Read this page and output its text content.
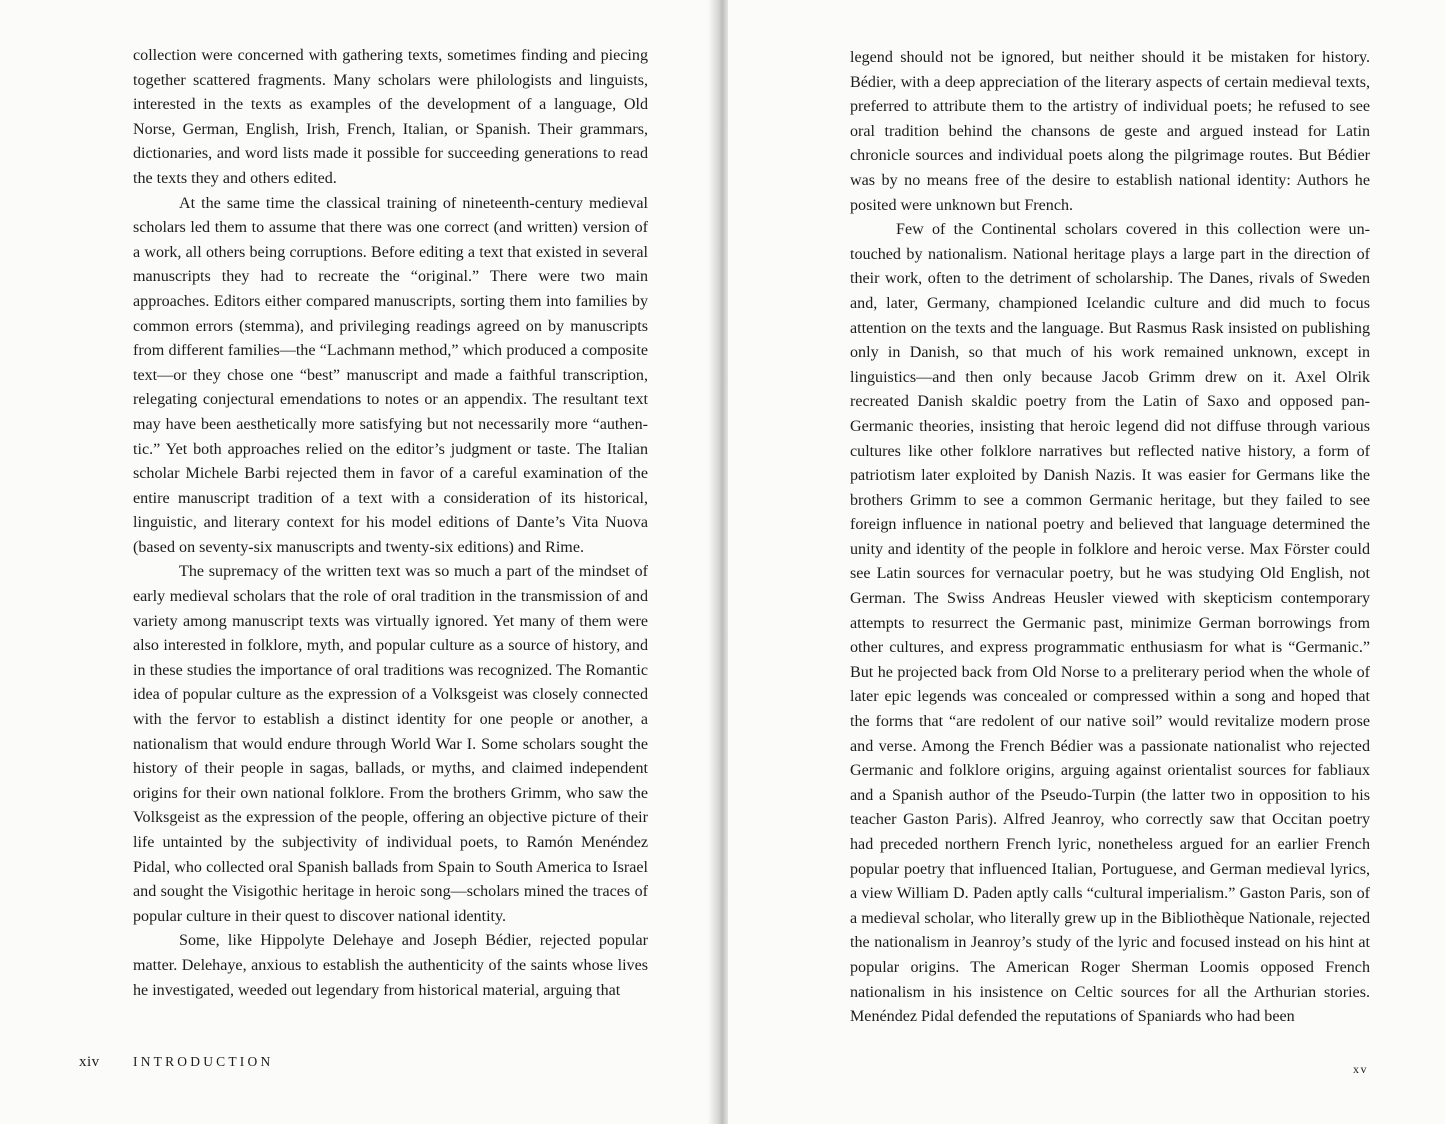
collection were concerned with gathering texts, sometimes finding and piecing together scattered fragments. Many scholars were philologists and linguists, interested in the texts as examples of the development of a language, Old Norse, German, English, Irish, French, Italian, or Spanish. Their grammars, dictionaries, and word lists made it possible for succeeding generations to read the texts they and others edited.

At the same time the classical training of nineteenth-century medieval scholars led them to assume that there was one correct (and written) version of a work, all others being corruptions. Before editing a text that existed in several manuscripts they had to recreate the “original.” There were two main approaches. Editors either compared manuscripts, sorting them into families by common errors (stemma), and privileging readings agreed on by manuscripts from different families—the “Lachmann method,” which produced a composite text—or they chose one “best” manuscript and made a faithful transcription, relegating conjectural emendations to notes or an appendix. The resultant text may have been aesthetically more satisfying but not necessarily more “authentic.” Yet both approaches relied on the editor’s judgment or taste. The Italian scholar Michele Barbi rejected them in favor of a careful examination of the entire manuscript tradition of a text with a consideration of its historical, linguistic, and literary context for his model editions of Dante’s Vita Nuova (based on seventy-six manuscripts and twenty-six editions) and Rime.

The supremacy of the written text was so much a part of the mindset of early medieval scholars that the role of oral tradition in the transmission of and variety among manuscript texts was virtually ignored. Yet many of them were also interested in folklore, myth, and popular culture as a source of history, and in these studies the importance of oral traditions was recognized. The Romantic idea of popular culture as the expression of a Volksgeist was closely connected with the fervor to establish a distinct identity for one people or another, a nationalism that would endure through World War I. Some scholars sought the history of their people in sagas, ballads, or myths, and claimed independent origins for their own national folklore. From the brothers Grimm, who saw the Volksgeist as the expression of the people, offering an objective picture of their life untainted by the subjectivity of individual poets, to Ramón Menéndez Pidal, who collected oral Spanish ballads from Spain to South America to Israel and sought the Visigothic heritage in heroic song—scholars mined the traces of popular culture in their quest to discover national identity.

Some, like Hippolyte Delehaye and Joseph Bédier, rejected popular matter. Delehaye, anxious to establish the authenticity of the saints whose lives he investigated, weeded out legendary from historical material, arguing that

xiv INTRODUCTION

legend should not be ignored, but neither should it be mistaken for history. Bédier, with a deep appreciation of the literary aspects of certain medieval texts, preferred to attribute them to the artistry of individual poets; he refused to see oral tradition behind the chansons de geste and argued instead for Latin chronicle sources and individual poets along the pilgrimage routes. But Bédier was by no means free of the desire to establish national identity: Authors he posited were unknown but French.

Few of the Continental scholars covered in this collection were untouched by nationalism. National heritage plays a large part in the direction of their work, often to the detriment of scholarship. The Danes, rivals of Sweden and, later, Germany, championed Icelandic culture and did much to focus attention on the texts and the language. But Rasmus Rask insisted on publishing only in Danish, so that much of his work remained unknown, except in linguistics—and then only because Jacob Grimm drew on it. Axel Olrik recreated Danish skaldic poetry from the Latin of Saxo and opposed pan-Germanic theories, insisting that heroic legend did not diffuse through various cultures like other folklore narratives but reflected native history, a form of patriotism later exploited by Danish Nazis. It was easier for Germans like the brothers Grimm to see a common Germanic heritage, but they failed to see foreign influence in national poetry and believed that language determined the unity and identity of the people in folklore and heroic verse. Max Förster could see Latin sources for vernacular poetry, but he was studying Old English, not German. The Swiss Andreas Heusler viewed with skepticism contemporary attempts to resurrect the Germanic past, minimize German borrowings from other cultures, and express programmatic enthusiasm for what is “Germanic.” But he projected back from Old Norse to a preliterary period when the whole of later epic legends was concealed or compressed within a song and hoped that the forms that “are redolent of our native soil” would revitalize modern prose and verse. Among the French Bédier was a passionate nationalist who rejected Germanic and folklore origins, arguing against orientalist sources for fabliaux and a Spanish author of the Pseudo-Turpin (the latter two in opposition to his teacher Gaston Paris). Alfred Jeanroy, who correctly saw that Occitan poetry had preceded northern French lyric, nonetheless argued for an earlier French popular poetry that influenced Italian, Portuguese, and German medieval lyrics, a view William D. Paden aptly calls “cultural imperialism.” Gaston Paris, son of a medieval scholar, who literally grew up in the Bibliothèque Nationale, rejected the nationalism in Jeanroy’s study of the lyric and focused instead on his hint at popular origins. The American Roger Sherman Loomis opposed French nationalism in his insistence on Celtic sources for all the Arthurian stories. Menéndez Pidal defended the reputations of Spaniards who had been

xv
